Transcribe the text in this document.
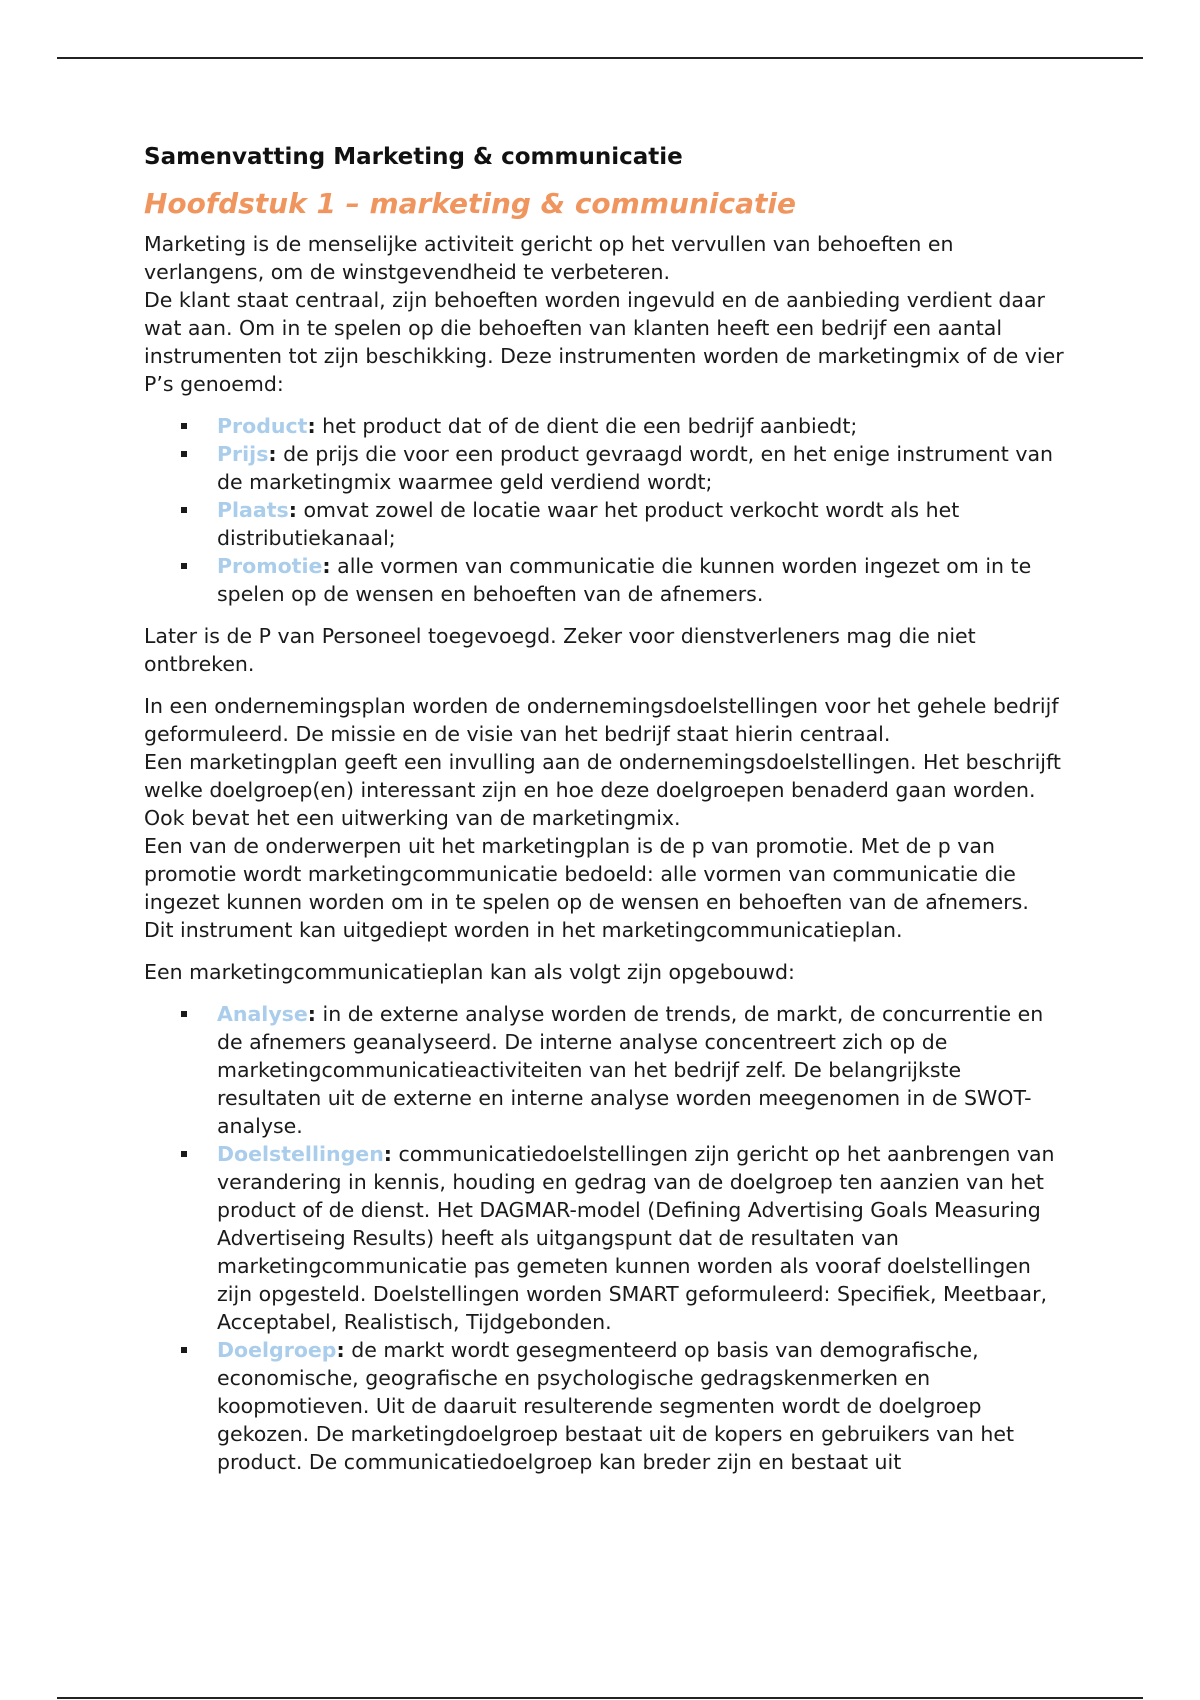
Samenvatting Marketing & communicatie
Hoofdstuk 1 – marketing & communicatie

Marketing is de menselijke activiteit gericht op het vervullen van behoeften en verlangens, om de winstgevendheid te verbeteren.

De klant staat centraal, zijn behoeften worden ingevuld en de aanbieding verdient daar wat aan. Om in te spelen op die behoeften van klanten heeft een bedrijf een aantal instrumenten tot zijn beschikking. Deze instrumenten worden de marketingmix of de vier P’s genoemd:

Product: het product dat of de dient die een bedrijf aanbiedt;
Prijs: de prijs die voor een product gevraagd wordt, en het enige instrument van de marketingmix waarmee geld verdiend wordt;
Plaats: omvat zowel de locatie waar het product verkocht wordt als het distributiekanaal;
Promotie: alle vormen van communicatie die kunnen worden ingezet om in te spelen op de wensen en behoeften van de afnemers.

Later is de P van Personeel toegevoegd. Zeker voor dienstverleners mag die niet ontbreken.

In een ondernemingsplan worden de ondernemingsdoelstellingen voor het gehele bedrijf geformuleerd. De missie en de visie van het bedrijf staat hierin centraal.

Een marketingplan geeft een invulling aan de ondernemingsdoelstellingen. Het beschrijft welke doelgroep(en) interessant zijn en hoe deze doelgroepen benaderd gaan worden. Ook bevat het een uitwerking van de marketingmix.

Een van de onderwerpen uit het marketingplan is de p van promotie. Met de p van promotie wordt marketingcommunicatie bedoeld: alle vormen van communicatie die ingezet kunnen worden om in te spelen op de wensen en behoeften van de afnemers. Dit instrument kan uitgediept worden in het marketingcommunicatieplan.

Een marketingcommunicatieplan kan als volgt zijn opgebouwd:

Analyse: in de externe analyse worden de trends, de markt, de concurrentie en de afnemers geanalyseerd. De interne analyse concentreert zich op de marketingcommunicatieactiviteiten van het bedrijf zelf. De belangrijkste resultaten uit de externe en interne analyse worden meegenomen in de SWOT-analyse.
Doelstellingen: communicatiedoelstellingen zijn gericht op het aanbrengen van verandering in kennis, houding en gedrag van de doelgroep ten aanzien van het product of de dienst. Het DAGMAR-model (Defining Advertising Goals Measuring Advertiseing Results) heeft als uitgangspunt dat de resultaten van marketingcommunicatie pas gemeten kunnen worden als vooraf doelstellingen zijn opgesteld. Doelstellingen worden SMART geformuleerd: Specifiek, Meetbaar, Acceptabel, Realistisch, Tijdgebonden.
Doelgroep: de markt wordt gesegmenteerd op basis van demografische, economische, geografische en psychologische gedragskenmerken en koopmotieven. Uit de daaruit resulterende segmenten wordt de doelgroep gekozen. De marketingdoelgroep bestaat uit de kopers en gebruikers van het product. De communicatiedoelgroep kan breder zijn en bestaat uit
